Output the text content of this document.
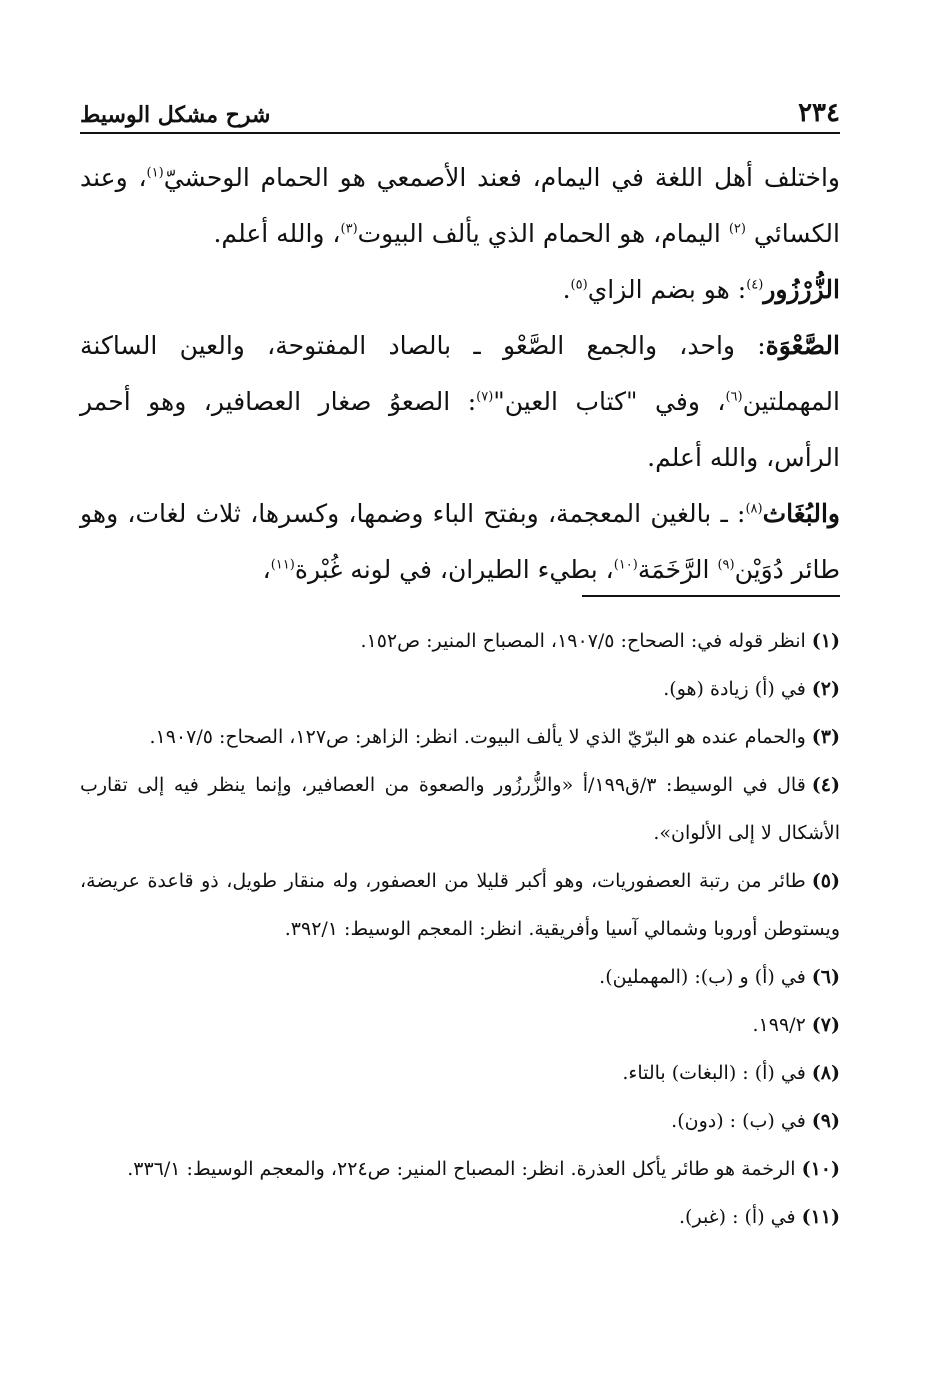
٢٣٤
شرح مشكل الوسيط

واختلف أهل اللغة في اليمام، فعند الأصمعي هو الحمام الوحشيّ$^{(١)}$، وعند الكسائي $^{(٢)}$ اليمام، هو الحمام الذي يألف البيوت$^{(٣)}$، والله أعلم.

الزُّرْزُور$^{(٤)}$: هو بضم الزاي$^{(٥)}$.

الصَّعْوَة: واحد، والجمع الصَّعْو ـ بالصاد المفتوحة، والعين الساكنة المهملتين$^{(٦)}$، وفي "كتاب العين"$^{(٧)}$: الصعوُ صغار العصافير، وهو أحمر الرأس، والله أعلم.

والبُغَاث$^{(٨)}$: ـ بالغين المعجمة، وبفتح الباء وضمها، وكسرها، ثلاث لغات، وهو طائر دُوَيْن$^{(٩)}$ الرَّخَمَة$^{(١٠)}$، بطيء الطيران، في لونه غُبْرة$^{(١١)}$،

(١)انظر قوله في: الصحاح: ١٩٠٧/٥، المصباح المنير: ص١٥٢.

(٢)في (أ) زيادة (هو).

(٣)والحمام عنده هو البرّيّ الذي لا يألف البيوت. انظر: الزاهر: ص١٢٧، الصحاح: ١٩٠٧/٥.

(٤)قال في الوسيط: ٣/ق١٩٩/أ «والزُّرزُور والصعوة من العصافير، وإنما ينظر فيه إلى تقارب الأشكال لا إلى الألوان».

(٥)طائر من رتبة العصفوريات، وهو أكبر قليلا من العصفور، وله منقار طويل، ذو قاعدة عريضة، ويستوطن أوروبا وشمالي آسيا وأفريقية. انظر: المعجم الوسيط: ٣٩٢/١.

(٦)في (أ) و (ب): (المهملين).

(٧)١٩٩/٢.

(٨)في (أ) : (البغات) بالتاء.

(٩)في (ب) : (دون).

(١٠)الرخمة هو طائر يأكل العذرة. انظر: المصباح المنير: ص٢٢٤، والمعجم الوسيط: ٣٣٦/١.

(١١)في (أ) : (غبر).
